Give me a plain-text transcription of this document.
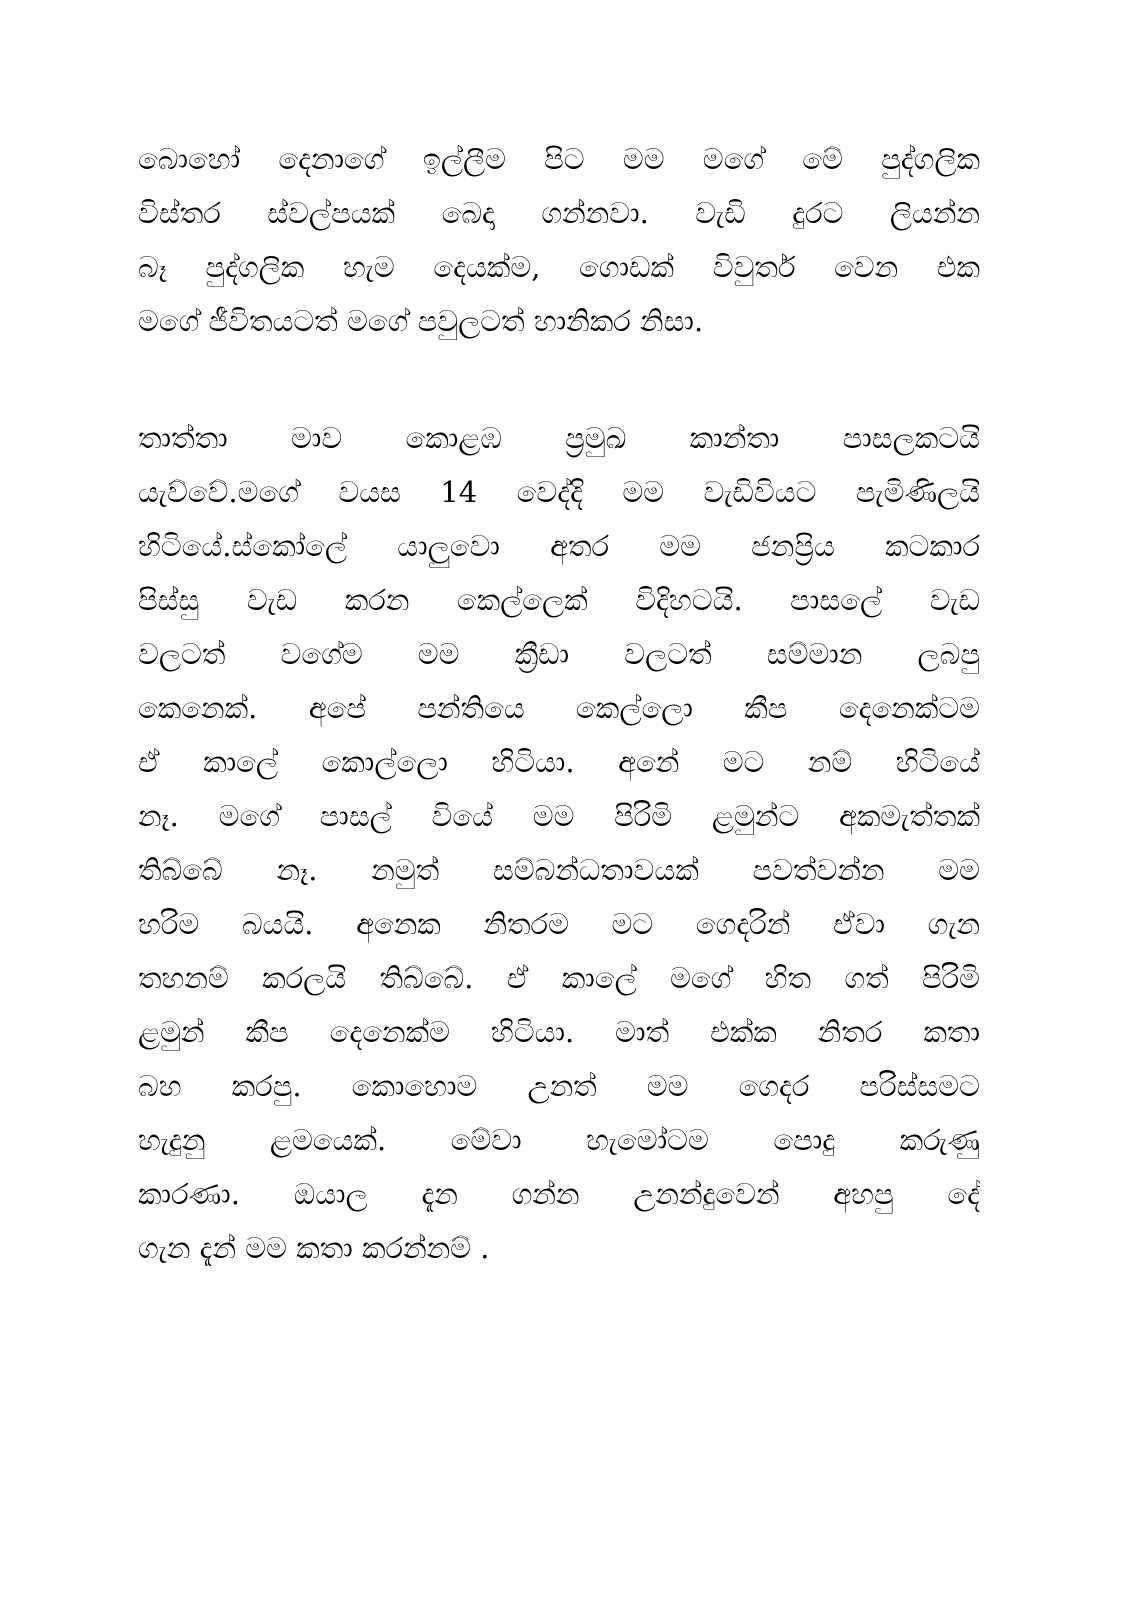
බොහෝ දෙනාගේ ඉල්ලීම පිට මම මගේ මේ පුද්ගලික
විස්තර ස්වල්පයක් බෙදා ගන්නවා. වැඩි දුරට ලියන්න
බෑ පුද්ගලික හැම දෙයක්ම, ගොඩක් විවුර්ත වෙන එක
මගේ ජීවිතයටත් මගේ පවුලටත් හානිකර නිසා.
තාත්තා මාව කොළඹ ප්‍රමුඛ කාන්තා පාසලකටයි
යැව්වේ.මගේ වයස 14 වෙද්දි මම වැඩිවියට පැමිණිලයි
හිටියේ.ස්කෝලේ යාලුවො අතර මම ජනප්‍රිය කටකාර
පිස්සු වැඩ කරන කෙල්ලෙක් විදිහටයි. පාසලේ වැඩ
වලටත් වගේම මම ක්‍රීඩා වලටත් සම්මාන ලබපු
කෙනෙක්. අපේ පන්තියෙ කෙල්ලො කීප දෙනෙක්ටම
ඒ කාලේ කොල්ලො හිටියා. අනේ මට නම් හිටියේ
නෑ. මගේ පාසල් වියේ මම පිරිමි ළමුන්ට අකමැත්තක්
තිබ්බේ නෑ. නමුත් සම්බන්ධතාවයක් පවත්වන්න මම
හරිම බයයි. අනෙක නිතරම මට ගෙදරින් ඒවා ගැන
තහනම් කරලයි තිබ්බේ. ඒ කාලේ මගේ හිත ගත් පිරිමි
ළමුන් කීප දෙනෙක්ම හිටියා. මාත් එක්ක නිතර කතා
බහ කරපු. කොහොම උනත් මම ගෙදර පරිස්සමට
හැදුනු ළමයෙක්. මේවා හැමෝටම පොදු කරුණු
කාරණා. ඔයාල දැන ගන්න උනන්දුවෙන් අහපු දේ
ගැන දැන් මම කතා කරන්නම් .
